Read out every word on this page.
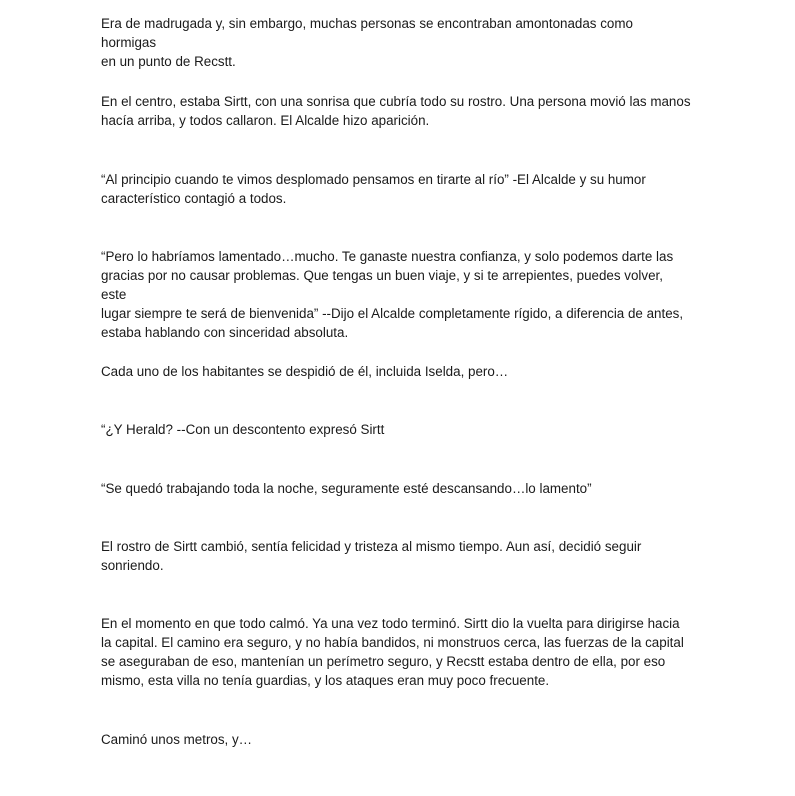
Era de madrugada y, sin embargo, muchas personas se encontraban amontonadas como hormigas
en un punto de Recstt.

En el centro, estaba Sirtt, con una sonrisa que cubría todo su rostro. Una persona movió las manos
hacía arriba, y todos callaron. El Alcalde hizo aparición.

“Al principio cuando te vimos desplomado pensamos en tirarte al río” -El Alcalde y su humor
característico contagió a todos.

“Pero lo habríamos lamentado…mucho. Te ganaste nuestra confianza, y solo podemos darte las
gracias por no causar problemas. Que tengas un buen viaje, y si te arrepientes, puedes volver, este
lugar siempre te será de bienvenida” --Dijo el Alcalde completamente rígido, a diferencia de antes,
estaba hablando con sinceridad absoluta.

Cada uno de los habitantes se despidió de él, incluida Iselda, pero…

“¿Y Herald? --Con un descontento expresó Sirtt

“Se quedó trabajando toda la noche, seguramente esté descansando…lo lamento”

El rostro de Sirtt cambió, sentía felicidad y tristeza al mismo tiempo. Aun así, decidió seguir
sonriendo.

En el momento en que todo calmó. Ya una vez todo terminó. Sirtt dio la vuelta para dirigirse hacia
la capital. El camino era seguro, y no había bandidos, ni monstruos cerca, las fuerzas de la capital
se aseguraban de eso, mantenían un perímetro seguro, y Recstt estaba dentro de ella, por eso
mismo, esta villa no tenía guardias, y los ataques eran muy poco frecuente.

Caminó unos metros, y…
